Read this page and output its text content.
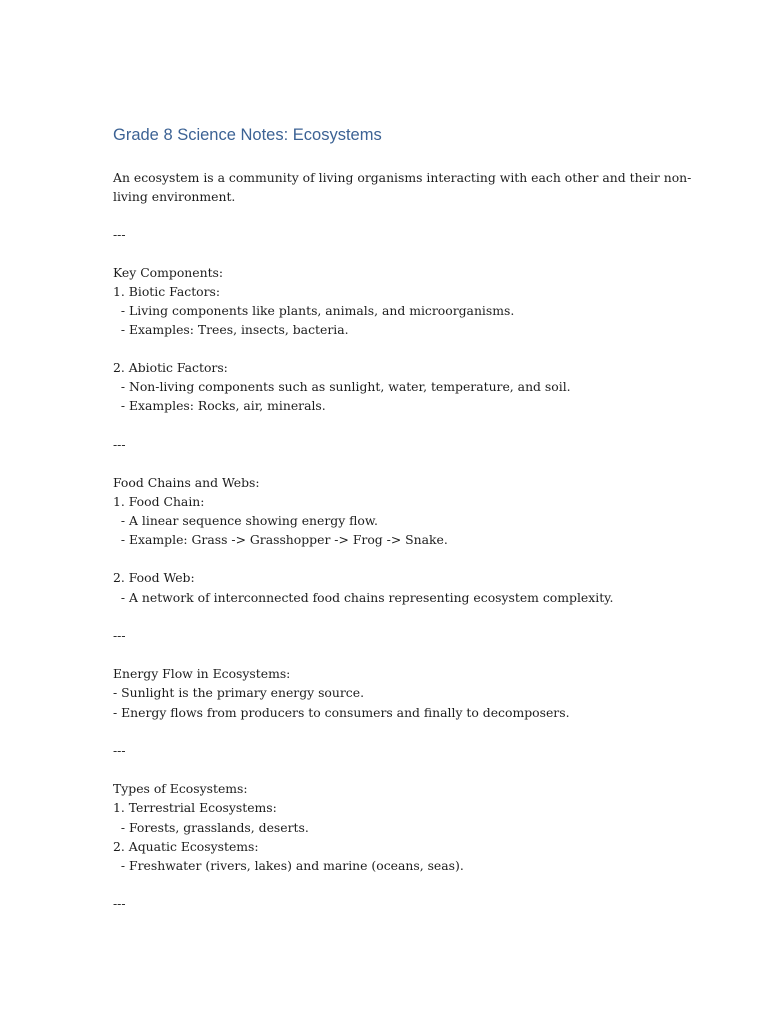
Grade 8 Science Notes: Ecosystems

An ecosystem is a community of living organisms interacting with each other and their non-

living environment.

---

Key Components:

1. Biotic Factors:

- Living components like plants, animals, and microorganisms.

- Examples: Trees, insects, bacteria.

2. Abiotic Factors:

- Non-living components such as sunlight, water, temperature, and soil.

- Examples: Rocks, air, minerals.

---

Food Chains and Webs:

1. Food Chain:

- A linear sequence showing energy flow.

- Example: Grass -> Grasshopper -> Frog -> Snake.

2. Food Web:

- A network of interconnected food chains representing ecosystem complexity.

---

Energy Flow in Ecosystems:

- Sunlight is the primary energy source.

- Energy flows from producers to consumers and finally to decomposers.

---

Types of Ecosystems:

1. Terrestrial Ecosystems:

- Forests, grasslands, deserts.

2. Aquatic Ecosystems:

- Freshwater (rivers, lakes) and marine (oceans, seas).

---
